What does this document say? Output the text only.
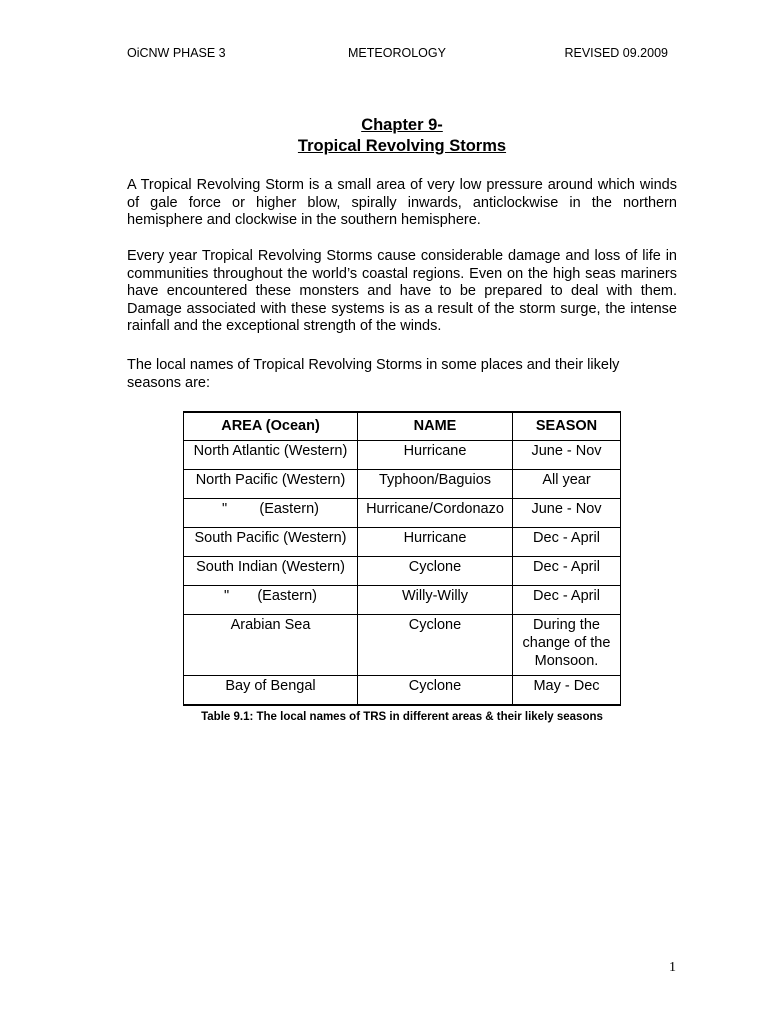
OiCNW PHASE 3	METEOROLOGY	REVISED 09.2009
Chapter 9-
Tropical Revolving Storms

A Tropical Revolving Storm is a small area of very low pressure around which winds of gale force or higher blow, spirally inwards, anticlockwise in the northern hemisphere and clockwise in the southern hemisphere.

Every year Tropical Revolving Storms cause considerable damage and loss of life in communities throughout the world’s coastal regions. Even on the high seas mariners have encountered these monsters and have to be prepared to deal with them. Damage associated with these systems is as a result of the storm surge, the intense rainfall and the exceptional strength of the winds.

The local names of Tropical Revolving Storms in some places and their likely seasons are:

AREA (Ocean)	NAME	SEASON
North Atlantic (Western)	Hurricane	June - Nov
North Pacific (Western)	Typhoon/Baguios	All year
"        (Eastern)	Hurricane/Cordonazo	June - Nov
South Pacific (Western)	Hurricane	Dec - April
South Indian (Western)	Cyclone	Dec - April
"       (Eastern)	Willy-Willy	Dec - April
Arabian Sea	Cyclone	During the change of the Monsoon.
Bay of Bengal	Cyclone	May - Dec
Table 9.1: The local names of TRS in different areas & their likely seasons
1
